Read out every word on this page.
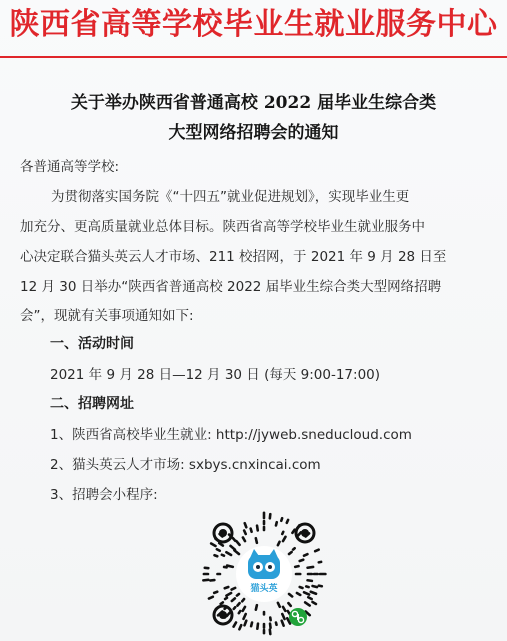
陕西省高等学校毕业生就业服务中心
关于举办陕西省普通高校 2022 届毕业生综合类
大型网络招聘会的通知
各普通高等学校:
为贯彻落实国务院《“十四五”就业促进规划》，实现毕业生更
加充分、更高质量就业总体目标。陕西省高等学校毕业生就业服务中
心决定联合猫头英云人才市场、211 校招网，于 2021 年 9 月 28 日至
12 月 30 日举办“陕西省普通高校 2022 届毕业生综合类大型网络招聘
会”，现就有关事项通知如下:
一、活动时间
2021 年 9 月 28 日—12 月 30 日 (每天 9:00-17:00)
二、招聘网址
1、陕西省高校毕业生就业: http://jyweb.sneducloud.com
2、猫头英云人才市场: sxbys.cnxincai.com
3、招聘会小程序:
猫头英
